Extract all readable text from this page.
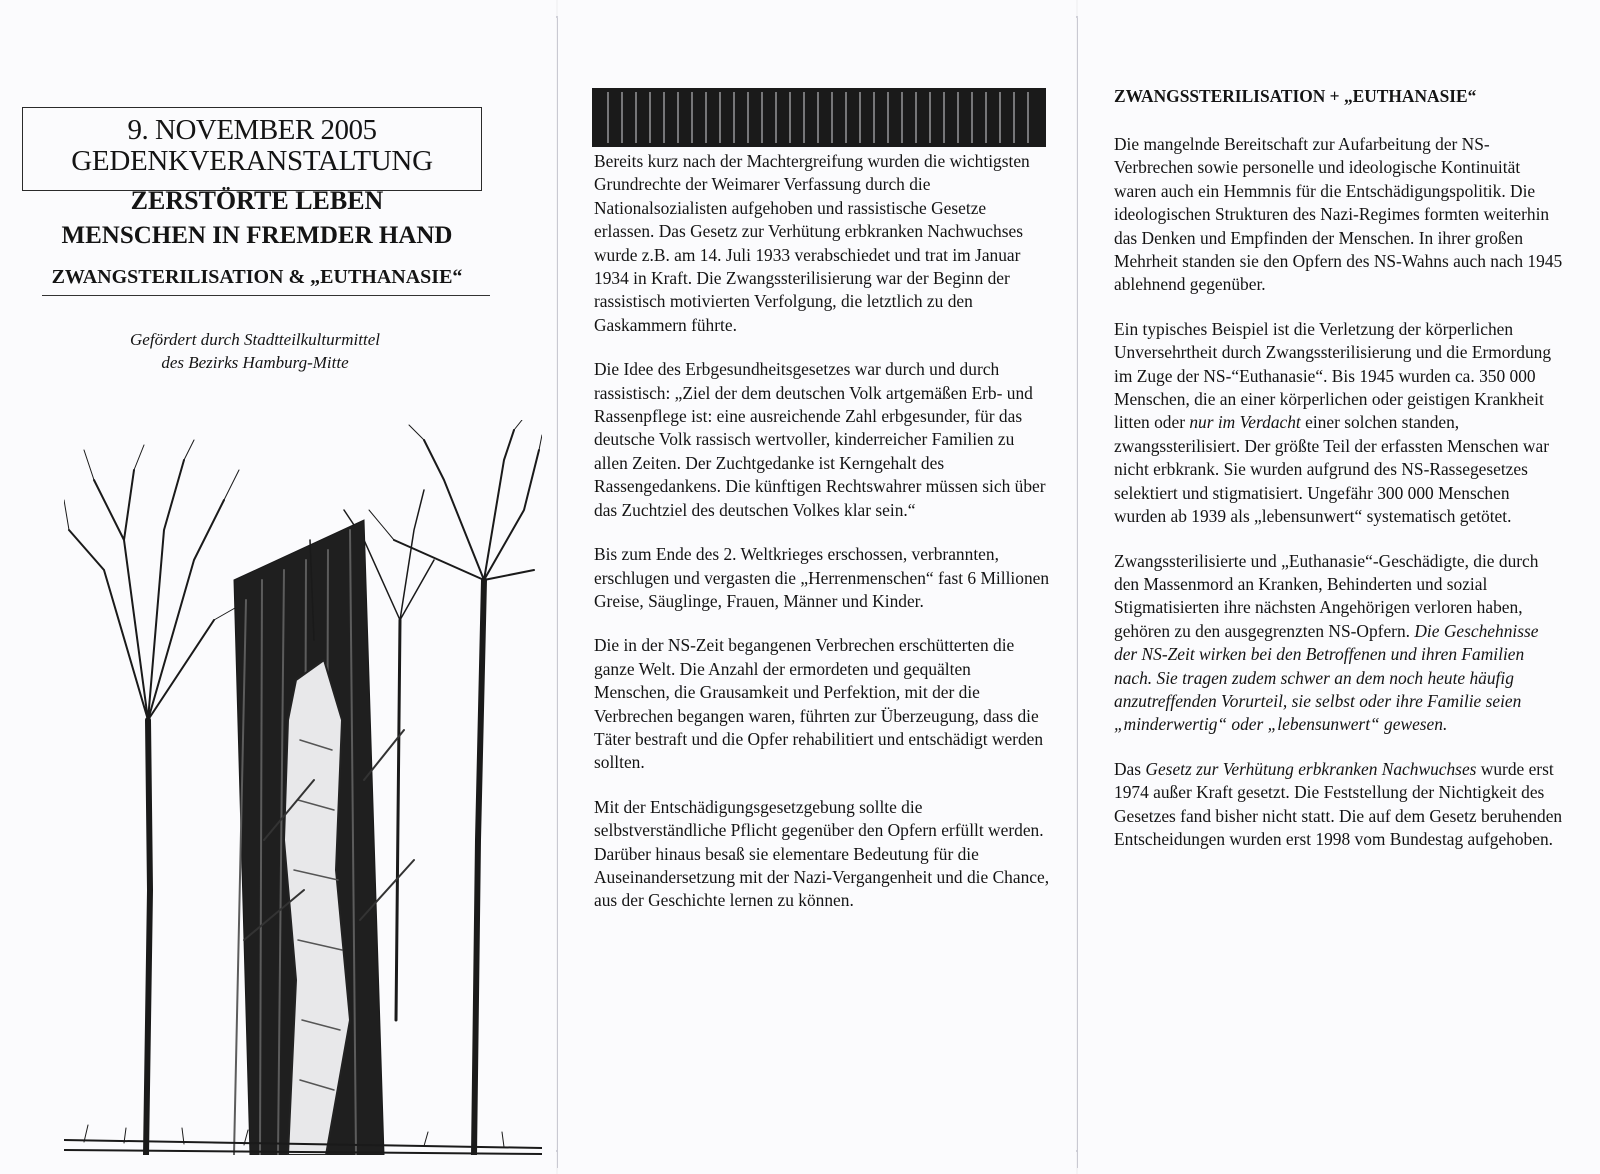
9. NOVEMBER 2005
GEDENKVERANSTALTUNG
ZERSTÖRTE LEBEN
MENSCHEN IN FREMDER HAND
ZWANGSTERILISATION & „EUTHANASIE“
Gefördert durch Stadtteilkulturmittel
des Bezirks Hamburg-Mitte

Bereits kurz nach der Machtergreifung wurden die wichtigsten Grundrechte der Weimarer Verfassung durch die Nationalsozialisten aufgehoben und rassistische Gesetze erlassen. Das Gesetz zur Verhütung erbkranken Nachwuchses wurde z.B. am 14. Juli 1933 verabschiedet und trat im Januar 1934 in Kraft. Die Zwangssterilisierung war der Beginn der rassistisch motivierten Verfolgung, die letztlich zu den Gaskammern führte.

Die Idee des Erbgesundheitsgesetzes war durch und durch rassistisch: „Ziel der dem deutschen Volk artgemäßen Erb- und Rassenpflege ist: eine ausreichende Zahl erbgesunder, für das deutsche Volk rassisch wertvoller, kinderreicher Familien zu allen Zeiten. Der Zuchtgedanke ist Kerngehalt des Rassengedankens. Die künftigen Rechtswahrer müssen sich über das Zuchtziel des deutschen Volkes klar sein.“

Bis zum Ende des 2. Weltkrieges erschossen, verbrannten, erschlugen und vergasten die „Herrenmenschen“ fast 6 Millionen Greise, Säuglinge, Frauen, Männer und Kinder.

Die in der NS-Zeit begangenen Verbrechen erschütterten die ganze Welt. Die Anzahl der ermordeten und gequälten Menschen, die Grausamkeit und Perfektion, mit der die Verbrechen begangen waren, führten zur Überzeugung, dass die Täter bestraft und die Opfer rehabilitiert und entschädigt werden sollten.

Mit der Entschädigungsgesetzgebung sollte die selbstverständliche Pflicht gegenüber den Opfern erfüllt werden. Darüber hinaus besaß sie elementare Bedeutung für die Auseinandersetzung mit der Nazi-Vergangenheit und die Chance, aus der Geschichte lernen zu können.

ZWANGSSTERILISATION + „EUTHANASIE“

Die mangelnde Bereitschaft zur Aufarbeitung der NS-Verbrechen sowie personelle und ideologische Kontinuität waren auch ein Hemmnis für die Entschädigungspolitik. Die ideologischen Strukturen des Nazi-Regimes formten weiterhin das Denken und Empfinden der Menschen. In ihrer großen Mehrheit standen sie den Opfern des NS-Wahns auch nach 1945 ablehnend gegenüber.

Ein typisches Beispiel ist die Verletzung der körperlichen Unversehrtheit durch Zwangssterilisierung und die Ermordung im Zuge der NS-“Euthanasie“. Bis 1945 wurden ca. 350 000 Menschen, die an einer körperlichen oder geistigen Krankheit litten oder nur im Verdacht einer solchen standen, zwangssterilisiert. Der größte Teil der erfassten Menschen war nicht erbkrank. Sie wurden aufgrund des NS-Rassegesetzes selektiert und stigmatisiert. Ungefähr 300 000 Menschen wurden ab 1939 als „lebensunwert“ systematisch getötet.

Zwangssterilisierte und „Euthanasie“-Geschädigte, die durch den Massenmord an Kranken, Behinderten und sozial Stigmatisierten ihre nächsten Angehörigen verloren haben, gehören zu den ausgegrenzten NS-Opfern. Die Geschehnisse der NS-Zeit wirken bei den Betroffenen und ihren Familien nach. Sie tragen zudem schwer an dem noch heute häufig anzutreffenden Vorurteil, sie selbst oder ihre Familie seien „minderwertig“ oder „lebensunwert“ gewesen.

Das Gesetz zur Verhütung erbkranken Nachwuchses wurde erst 1974 außer Kraft gesetzt. Die Feststellung der Nichtigkeit des Gesetzes fand bisher nicht statt. Die auf dem Gesetz beruhenden Entscheidungen wurden erst 1998 vom Bundestag aufgehoben.
